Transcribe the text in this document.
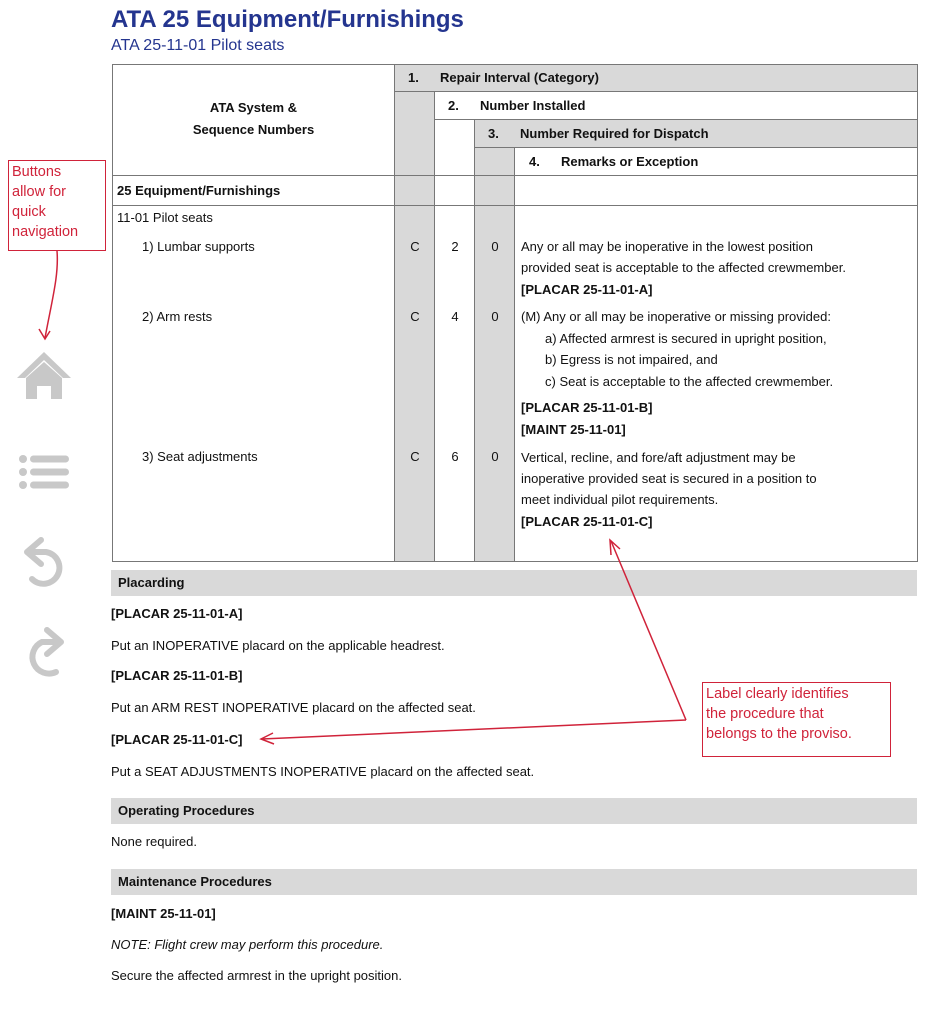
ATA 25 Equipment/Furnishings
ATA 25-11-01 Pilot seats
ATA System &
Sequence Numbers
1. Repair Interval (Category)
2. Number Installed
3. Number Required for Dispatch
4. Remarks or Exception
25 Equipment/Furnishings
11-01 Pilot seats
1) Lumbar supports	C	2	0	Any or all may be inoperative in the lowest position
provided seat is acceptable to the affected crewmember.
[PLACAR 25-11-01-A]
2) Arm rests	C	4	0	(M) Any or all may be inoperative or missing provided:
a) Affected armrest is secured in upright position,
b) Egress is not impaired, and
c) Seat is acceptable to the affected crewmember.
[PLACAR 25-11-01-B]
[MAINT 25-11-01]
3) Seat adjustments	C	6	0	Vertical, recline, and fore/aft adjustment may be
inoperative provided seat is secured in a position to
meet individual pilot requirements.
[PLACAR 25-11-01-C]
Placarding
[PLACAR 25-11-01-A]
Put an INOPERATIVE placard on the applicable headrest.
[PLACAR 25-11-01-B]
Put an ARM REST INOPERATIVE placard on the affected seat.
[PLACAR 25-11-01-C]
Put a SEAT ADJUSTMENTS INOPERATIVE placard on the affected seat.
Operating Procedures
None required.
Maintenance Procedures
[MAINT 25-11-01]
NOTE: Flight crew may perform this procedure.
Secure the affected armrest in the upright position.
Buttons
allow for
quick
navigation
Label clearly identifies
the procedure that
belongs to the proviso.
